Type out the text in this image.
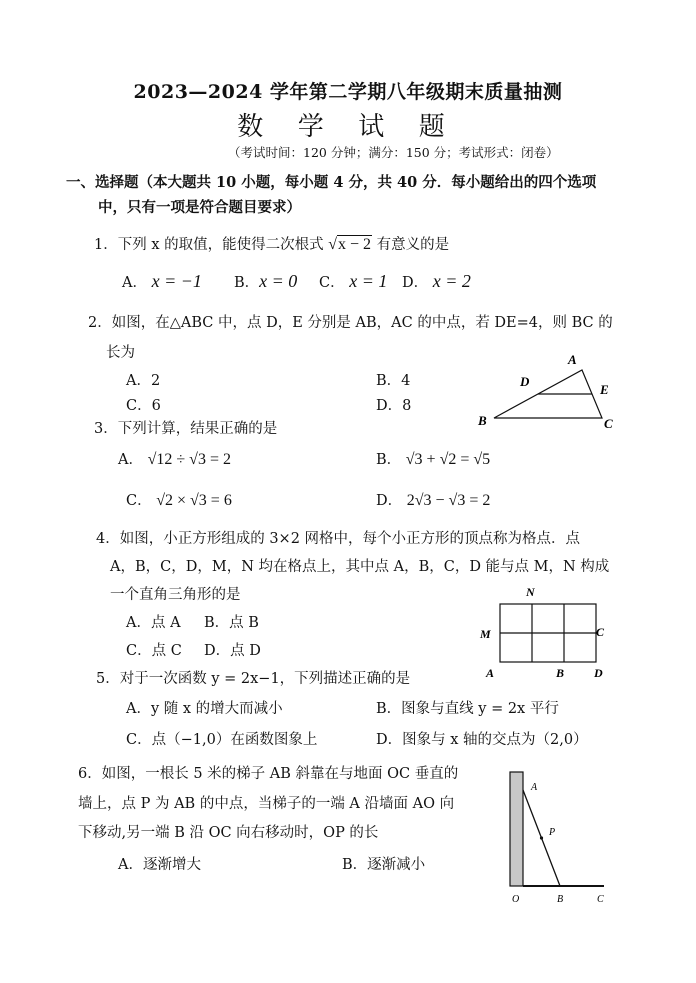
2023—2024 学年第二学期八年级期末质量抽测
数 学 试 题
（考试时间：120 分钟；满分：150 分；考试形式：闭卷）
一、选择题（本大题共 10 小题，每小题 4 分，共 40 分．每小题给出的四个选项
中，只有一项是符合题目要求）
1．下列 x 的取值，能使得二次根式 √x − 2 有意义的是
A． x = −1 B．x = 0 C． x = 1 D． x = 2
2．如图，在△ABC 中，点 D，E 分别是 AB，AC 的中点，若 DE=4，则 BC 的
长为
A．2	B．4
C．6	D．8
A
D
E
B	C
3．下列计算，结果正确的是
A． √12 ÷ √3 = 2	B． √3 + √2 = √5
C． √2 × √3 = 6	D． 2√3 − √3 = 2
4．如图，小正方形组成的 3×2 网格中，每个小正方形的顶点称为格点．点
A，B，C，D，M，N 均在格点上，其中点 A，B，C，D 能与点 M，N 构成
一个直角三角形的是
A．点 A B．点 B
C．点 C D．点 D
N
M	C
A	B D
5．对于一次函数 y = 2x−1，下列描述正确的是
A．y 随 x 的增大而减小	B．图象与直线 y = 2x 平行
C．点（−1,0）在函数图象上	D．图象与 x 轴的交点为（2,0）
6．如图，一根长 5 米的梯子 AB 斜靠在与地面 OC 垂直的
墙上，点 P 为 AB 的中点，当梯子的一端 A 沿墙面 AO 向
下移动,另一端 B 沿 OC 向右移动时，OP 的长
A．逐渐增大	B．逐渐减小
A
P
O	B	C
